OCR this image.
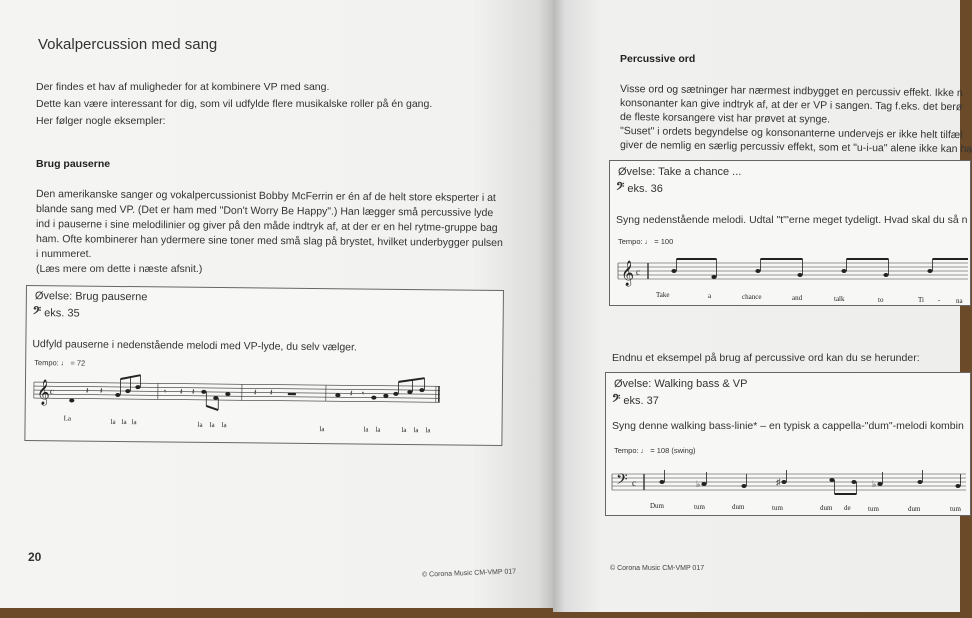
Vokalpercussion med sang
Der findes et hav af muligheder for at kombinere VP med sang.
Dette kan være interessant for dig, som vil udfylde flere musikalske roller på én gang.
Her følger nogle eksempler:
Brug pauserne
Den amerikanske sanger og vokalpercussionist Bobby McFerrin er én af de helt store eksperter i at
blande sang med VP. (Det er ham med "Don't Worry Be Happy".) Han lægger små percussive lyde
ind i pauserne i sine melodilinier og giver på den måde indtryk af, at der er en hel rytme-gruppe bag
ham. Ofte kombinerer han ydermere sine toner med små slag på brystet, hvilket underbygger pulsen
i nummeret.
(Læs mere om dette i næste afsnit.)
Øvelse: Brug pauserne
𝄢 eks. 35
Udfyld pauserne i nedenstående melodi med VP-lyde, du selv vælger.
Tempo: ♩ = 72
𝄞 c	𝄽 𝄽	𝄾 𝄽 𝄽	𝄽 𝄽	𝄽 𝄾
La	la la la	la la la	la	la la	la la la
20
© Corona Music CM-VMP 017
Percussive ord
Visse ord og sætninger har nærmest indbygget en percussiv effekt. Ikke n
konsonanter kan give indtryk af, at der er VP i sangen. Tag f.eks. det berø
de fleste korsangere vist har prøvet at synge.
"Suset" i ordets begyndelse og konsonanterne undervejs er ikke helt tilfæl
giver de nemlig en særlig percussiv effekt, som et "u-i-ua" alene ikke kan ha
Øvelse: Take a chance ...
𝄢 eks. 36
Syng nedenstående melodi. Udtal "t"'erne meget tydeligt. Hvad skal du så n
Tempo: ♩ = 100
𝄞 c
Take	a	chance	and	talk	to	Ti - na
Endnu et eksempel på brug af percussive ord kan du se herunder:
Øvelse: Walking bass & VP
𝄢 eks. 37
Syng denne walking bass-linie* – en typisk a cappella-"dum"-melodi kombin
Tempo: ♩ = 108 (swing)
𝄢 c	♭	♯	♭
Dum	tum	dum	tum	dum de tum	dum	tum
© Corona Music CM-VMP 017
